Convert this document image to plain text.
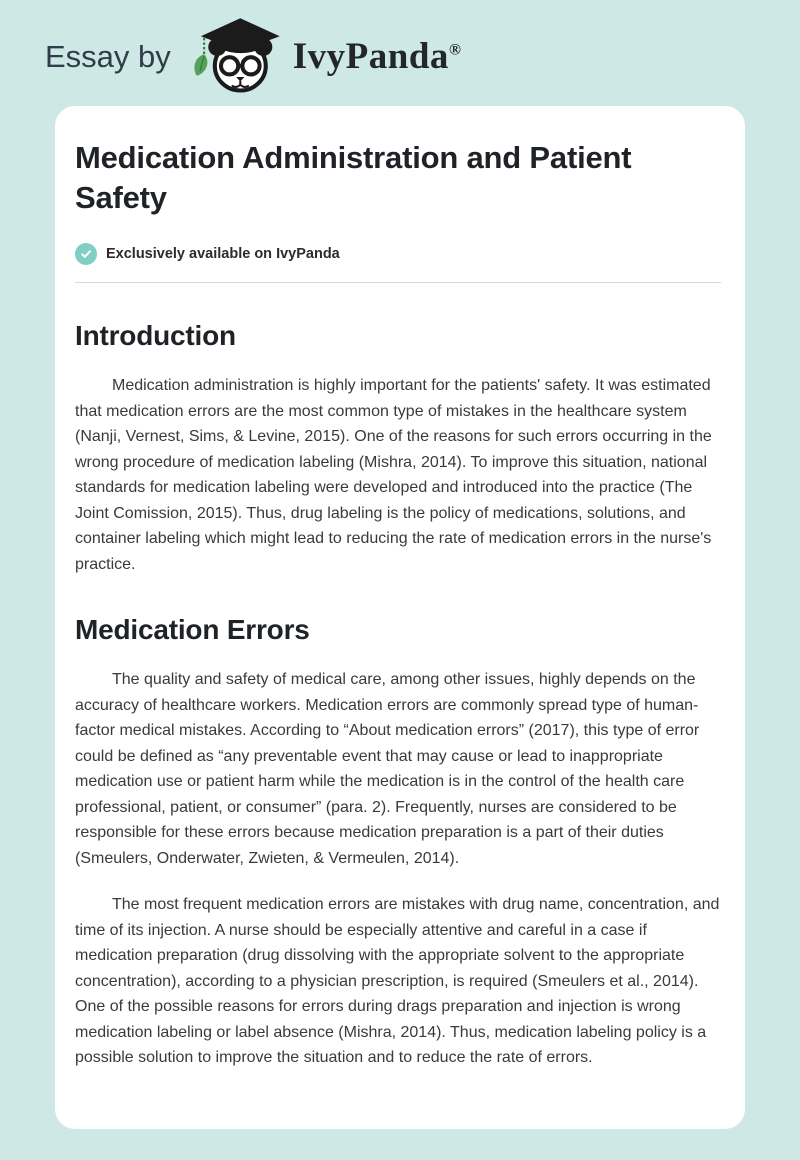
Essay by	IvyPanda®
Medication Administration and Patient Safety
Exclusively available on IvyPanda
Introduction

Medication administration is highly important for the patients' safety. It was estimated that medication errors are the most common type of mistakes in the healthcare system (Nanji, Vernest, Sims, & Levine, 2015). One of the reasons for such errors occurring in the wrong procedure of medication labeling (Mishra, 2014). To improve this situation, national standards for medication labeling were developed and introduced into the practice (The Joint Comission, 2015). Thus, drug labeling is the policy of medications, solutions, and container labeling which might lead to reducing the rate of medication errors in the nurse's practice.

Medication Errors

The quality and safety of medical care, among other issues, highly depends on the accuracy of healthcare workers. Medication errors are commonly spread type of human-factor medical mistakes. According to “About medication errors” (2017), this type of error could be defined as “any preventable event that may cause or lead to inappropriate medication use or patient harm while the medication is in the control of the health care professional, patient, or consumer” (para. 2). Frequently, nurses are considered to be responsible for these errors because medication preparation is a part of their duties (Smeulers, Onderwater, Zwieten, & Vermeulen, 2014).

The most frequent medication errors are mistakes with drug name, concentration, and time of its injection. A nurse should be especially attentive and careful in a case if medication preparation (drug dissolving with the appropriate solvent to the appropriate concentration), according to a physician prescription, is required (Smeulers et al., 2014). One of the possible reasons for errors during drags preparation and injection is wrong medication labeling or label absence (Mishra, 2014). Thus, medication labeling policy is a possible solution to improve the situation and to reduce the rate of errors.
